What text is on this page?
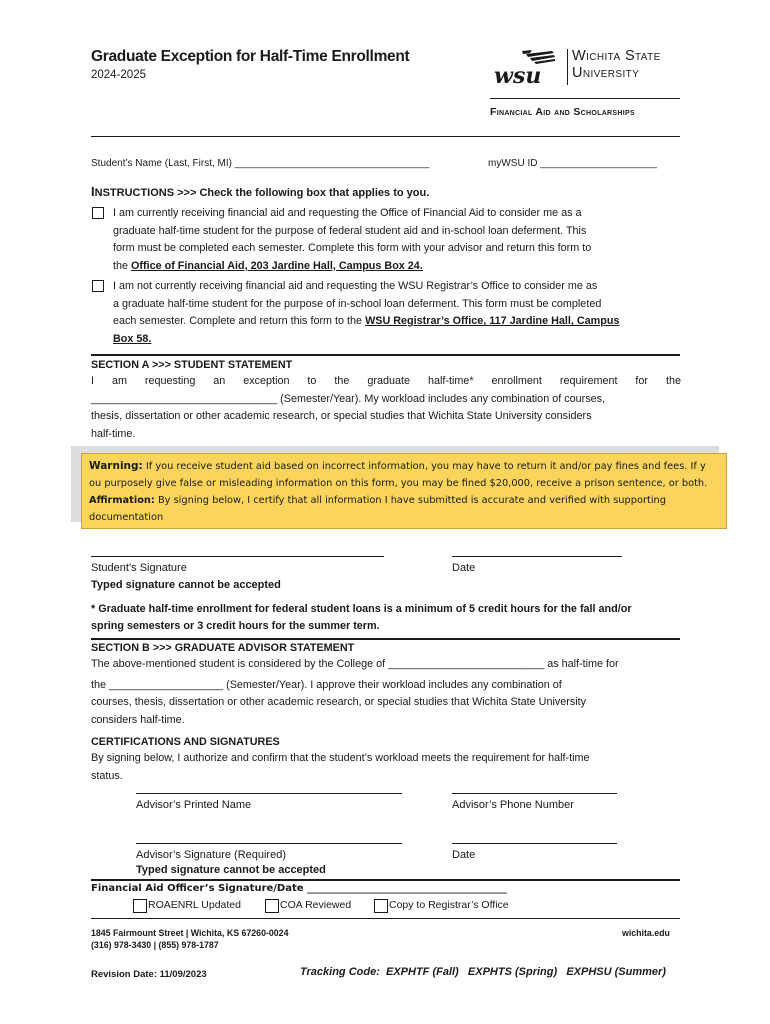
Graduate Exception for Half-Time Enrollment
2024-2025	wsu
Wichita State
University
Financial Aid and Scholarships
Student’s Name (Last, First, MI) ___________________________________	myWSU ID _____________________
INSTRUCTIONS >>> Check the following box that applies to you.
I am currently receiving financial aid and requesting the Office of Financial Aid to consider me as a
graduate half-time student for the purpose of federal student aid and in-school loan deferment. This
form must be completed each semester. Complete this form with your advisor and return this form to
the Office of Financial Aid, 203 Jardine Hall, Campus Box 24.
I am not currently receiving financial aid and requesting the WSU Registrar’s Office to consider me as
a graduate half-time student for the purpose of in-school loan deferment. This form must be completed
each semester. Complete and return this form to the WSU Registrar’s Office, 117 Jardine Hall, Campus
Box 58.
SECTION A >>> STUDENT STATEMENT
I am requesting an exception to the graduate half-time* enrollment requirement for the
_______________________________ (Semester/Year). My workload includes any combination of courses,
thesis, dissertation or other academic research, or special studies that Wichita State University considers
half-time.
Warning: If you receive student aid based on incorrect information, you may have to return it and/or pay fines and fees. If y
ou purposely give false or misleading information on this form, you may be fined $20,000, receive a prison sentence, or both.
Affirmation: By signing below, I certify that all information I have submitted is accurate and verified with supporting
documentation
Student’s Signature	Date
Typed signature cannot be accepted
* Graduate half-time enrollment for federal student loans is a minimum of 5 credit hours for the fall and/or
spring semesters or 3 credit hours for the summer term.
SECTION B >>> GRADUATE ADVISOR STATEMENT
The above-mentioned student is considered by the College of __________________________ as half-time for
the ___________________ (Semester/Year). I approve their workload includes any combination of
courses, thesis, dissertation or other academic research, or special studies that Wichita State University
considers half-time.
CERTIFICATIONS AND SIGNATURES
By signing below, I authorize and confirm that the student’s workload meets the requirement for half-time
status.
Advisor’s Printed Name	Advisor’s Phone Number
Advisor’s Signature (Required)	Date
Typed signature cannot be accepted
Financial Aid Officer’s Signature/Date ________________________________________
ROAENRL Updated	COA Reviewed	Copy to Registrar’s Office
1845 Fairmount Street | Wichita, KS 67260-0024
(316) 978-3430 | (855) 978-1787
wichita.edu
Revision Date: 11/09/2023	Tracking Code: EXPHTF (Fall) EXPHTS (Spring) EXPHSU (Summer)
